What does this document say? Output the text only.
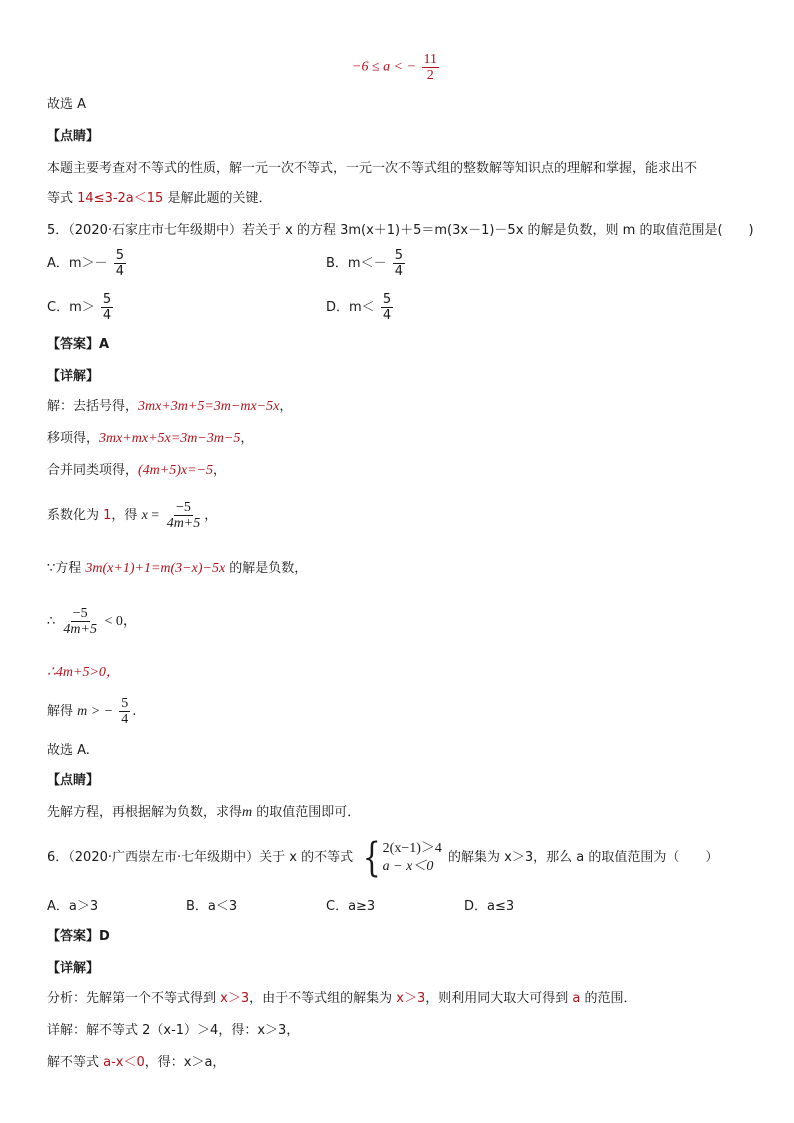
−6 ≤ a < − $\frac{11}{2}$
故选 A
【点睛】
本题主要考查对不等式的性质，解一元一次不等式，一元一次不等式组的整数解等知识点的理解和掌握，能求出不
等式 14≤3-2a＜15 是解此题的关键．
5．（2020·石家庄市七年级期中）若关于 x 的方程 3m(x＋1)＋5＝m(3x－1)－5x 的解是负数，则 m 的取值范围是(　　)
A．$m>- \frac{5}{4}$	B．$m<- \frac{5}{4}$
C．$m> \frac{5}{4}$	D．$m< \frac{5}{4}$
【答案】A
【详解】
解：去括号得，3mx+3m+5=3m−mx−5x，
移项得，3mx+mx+5x=3m−3m−5，
合并同类项得，(4m+5)x=−5，
系数化为 1，得 $x = \frac{-5}{4m+5}$ ，
∵方程 3m(x+1)+1=m(3−x)−5x 的解是负数，
∴ $\frac{-5}{4m+5} < 0$，
∴4m+5>0，
解得 m > − $\frac{5}{4}$ .
故选 A.
【点睛】
先解方程，再根据解为负数，求得m 的取值范围即可．
6．（2020·广西崇左市·七年级期中）关于 x 的不等式 { 2(x−1)＞4
a − x＜0
的解集为 x＞3，那么 a 的取值范围为（　　）
A．a＞3	B．a＜3	C．a≥3	D．a≤3
【答案】D
【详解】
分析：先解第一个不等式得到 x＞3，由于不等式组的解集为 x＞3，则利用同大取大可得到 a 的范围．
详解：解不等式 2（x-1）＞4，得：x＞3，
解不等式 a-x＜0，得：x＞a，
